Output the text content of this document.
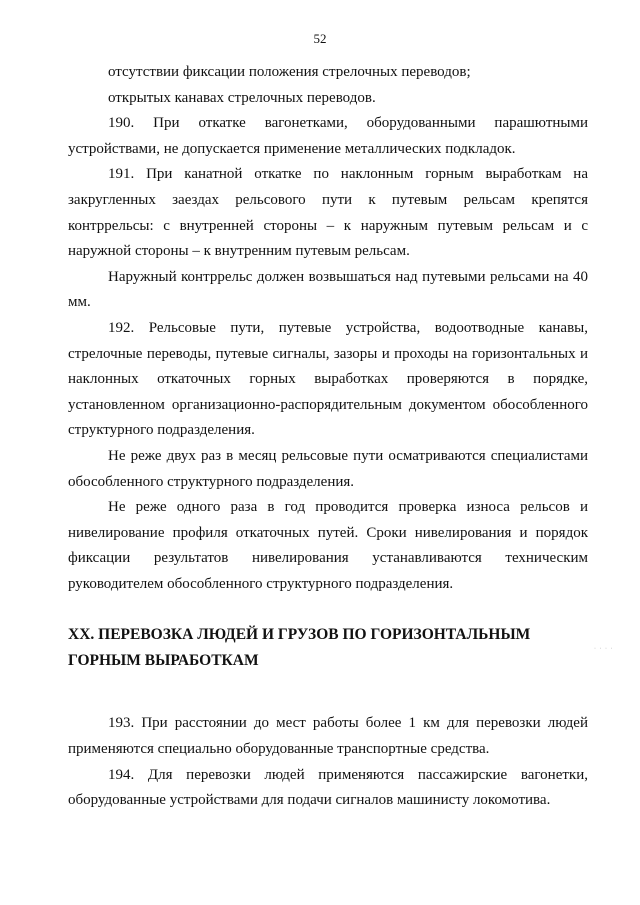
52

отсутствии фиксации положения стрелочных переводов;

открытых канавах стрелочных переводов.

190. При откатке вагонетками, оборудованными парашютными устройствами, не допускается применение металлических подкладок.

191. При канатной откатке по наклонным горным выработкам на закругленных заездах рельсового пути к путевым рельсам крепятся контррельсы: с внутренней стороны – к наружным путевым рельсам и с наружной стороны – к внутренним путевым рельсам.

Наружный контррельс должен возвышаться над путевыми рельсами на 40 мм.

192. Рельсовые пути, путевые устройства, водоотводные канавы, стрелочные переводы, путевые сигналы, зазоры и проходы на горизонтальных и наклонных откаточных горных выработках проверяются в порядке, установленном организационно-распорядительным документом обособленного структурного подразделения.

Не реже двух раз в месяц рельсовые пути осматриваются специалистами обособленного структурного подразделения.

Не реже одного раза в год проводится проверка износа рельсов и нивелирование профиля откаточных путей. Сроки нивелирования и порядок фиксации результатов нивелирования устанавливаются техническим руководителем обособленного структурного подразделения.

XX. ПЕРЕВОЗКА ЛЮДЕЙ И ГРУЗОВ ПО ГОРИЗОНТАЛЬНЫМ

ГОРНЫМ ВЫРАБОТКАМ

193. При расстоянии до мест работы более 1 км для перевозки людей применяются специально оборудованные транспортные средства.

194. Для перевозки людей применяются пассажирские вагонетки, оборудованные устройствами для подачи сигналов машинисту локомотива.

· · · ·
